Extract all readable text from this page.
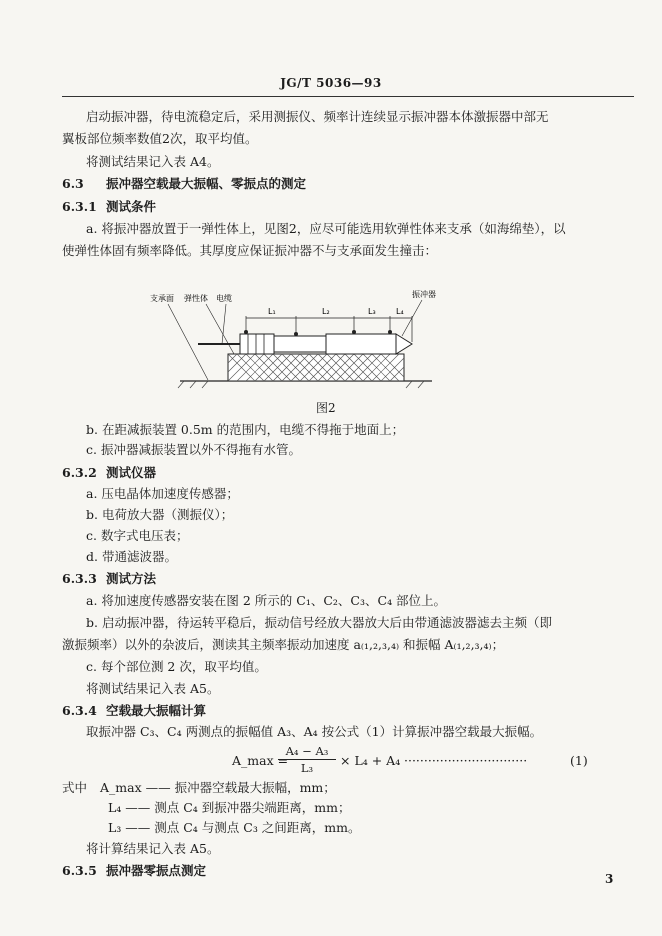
JG/T 5036—93
启动振冲器，待电流稳定后，采用测振仪、频率计连续显示振冲器本体激振器中部无
翼板部位频率数值2次，取平均值。
将测试结果记入表 A4。
6.3 振冲器空载最大振幅、零振点的测定
6.3.1 测试条件
a. 将振冲器放置于一弹性体上，见图2，应尽可能选用软弹性体来支承（如海绵垫），以
使弹性体固有频率降低。其厚度应保证振冲器不与支承面发生撞击：
支承面 弹性体 电缆	振冲器
L₁	L₂	L₃	L₄
图2
b. 在距减振装置 0.5m 的范围内，电缆不得拖于地面上；
c. 振冲器减振装置以外不得拖有水管。
6.3.2 测试仪器
a. 压电晶体加速度传感器；
b. 电荷放大器（测振仪）；
c. 数字式电压表；
d. 带通滤波器。
6.3.3 测试方法
a. 将加速度传感器安装在图 2 所示的 C₁、C₂、C₃、C₄ 部位上。
b. 启动振冲器，待运转平稳后，振动信号经放大器放大后由带通滤波器滤去主频（即
激振频率）以外的杂波后，测读其主频率振动加速度 a₍₁,₂,₃,₄₎ 和振幅 A₍₁,₂,₃,₄₎；
c. 每个部位测 2 次，取平均值。
将测试结果记入表 A5。
6.3.4 空载最大振幅计算
取振冲器 C₃、C₄ 两测点的振幅值 A₃、A₄ 按公式（1）计算振冲器空载最大振幅。
A_max =
A₄ − A₃
L₃	× L₄ + A₄ ·······························	(1)
式中 A_max —— 振冲器空载最大振幅，mm；
L₄ —— 测点 C₄ 到振冲器尖端距离，mm；
L₃ —— 测点 C₄ 与测点 C₃ 之间距离，mm。
将计算结果记入表 A5。
6.3.5 振冲器零振点测定
3
